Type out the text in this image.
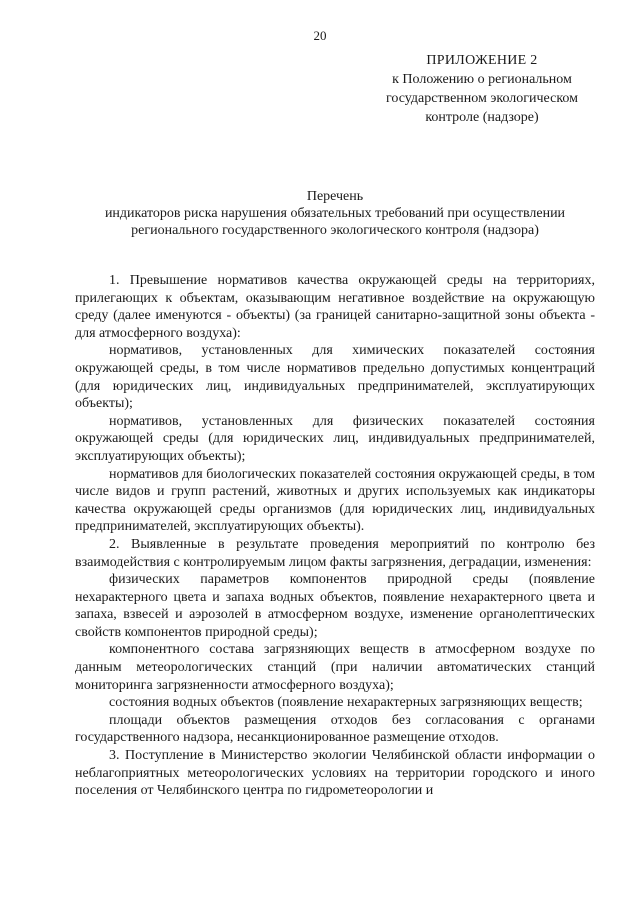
20
ПРИЛОЖЕНИЕ 2
к Положению о региональном
государственном экологическом
контроле (надзоре)
Перечень
индикаторов риска нарушения обязательных требований при осуществлении
регионального государственного экологического контроля (надзора)

1. Превышение нормативов качества окружающей среды на территориях, прилегающих к объектам, оказывающим негативное воздействие на окружающую среду (далее именуются - объекты) (за границей санитарно-защитной зоны объекта - для атмосферного воздуха):

нормативов, установленных для химических показателей состояния окружающей среды, в том числе нормативов предельно допустимых концентраций (для юридических лиц, индивидуальных предпринимателей, эксплуатирующих объекты);

нормативов, установленных для физических показателей состояния окружающей среды (для юридических лиц, индивидуальных предпринимателей, эксплуатирующих объекты);

нормативов для биологических показателей состояния окружающей среды, в том числе видов и групп растений, животных и других используемых как индикаторы качества окружающей среды организмов (для юридических лиц, индивидуальных предпринимателей, эксплуатирующих объекты).

2. Выявленные в результате проведения мероприятий по контролю без взаимодействия с контролируемым лицом факты загрязнения, деградации, изменения:

физических параметров компонентов природной среды (появление нехарактерного цвета и запаха водных объектов, появление нехарактерного цвета и запаха, взвесей и аэрозолей в атмосферном воздухе, изменение органолептических свойств компонентов природной среды);

компонентного состава загрязняющих веществ в атмосферном воздухе по данным метеорологических станций (при наличии автоматических станций мониторинга загрязненности атмосферного воздуха);

состояния водных объектов (появление нехарактерных загрязняющих веществ;

площади объектов размещения отходов без согласования с органами государственного надзора, несанкционированное размещение отходов.

3. Поступление в Министерство экологии Челябинской области информации о неблагоприятных метеорологических условиях на территории городского и иного поселения от Челябинского центра по гидрометеорологии и
